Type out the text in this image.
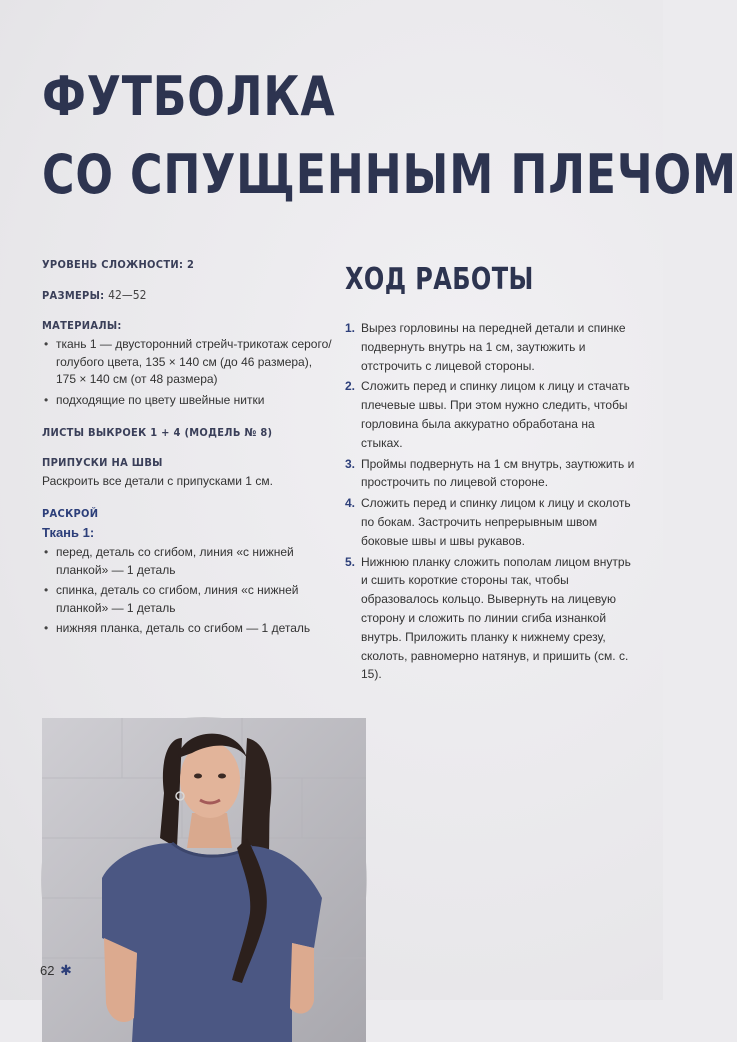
ФУТБОЛКА
СО СПУЩЕННЫМ ПЛЕЧОМ

УРОВЕНЬ СЛОЖНОСТИ: 2

РАЗМЕРЫ: 42—52

МАТЕРИАЛЫ:

• ткань 1 — двусторонний стрейч-трикотаж серого/голубого цвета, 135 × 140 см (до 46 размера), 175 × 140 см (от 48 размера)
• подходящие по цвету швейные нитки

ЛИСТЫ ВЫКРОЕК 1 + 4 (МОДЕЛЬ № 8)

ПРИПУСКИ НА ШВЫ

Раскроить все детали с припусками 1 см.

РАСКРОЙ

Ткань 1:

• перед, деталь со сгибом, линия «с нижней планкой» — 1 деталь
• спинка, деталь со сгибом, линия «с нижней планкой» — 1 деталь
• нижняя планка, деталь со сгибом — 1 деталь
ХОД РАБОТЫ
1. Вырез горловины на передней детали и спинке подвернуть внутрь на 1 см, заутюжить и отстрочить с лицевой стороны.
2. Сложить перед и спинку лицом к лицу и стачать плечевые швы. При этом нужно следить, чтобы горловина была аккуратно обработана на стыках.
3. Проймы подвернуть на 1 см внутрь, заутюжить и прострочить по лицевой стороне.
4. Сложить перед и спинку лицом к лицу и сколоть по бокам. Застрочить непрерывным швом боковые швы и швы рукавов.
5. Нижнюю планку сложить пополам лицом внутрь и сшить короткие стороны так, чтобы образовалось кольцо. Вывернуть на лицевую сторону и сложить по линии сгиба изнанкой внутрь. Приложить планку к нижнему срезу, сколоть, равномерно натянув, и пришить (см. с. 15).
62 ✱
